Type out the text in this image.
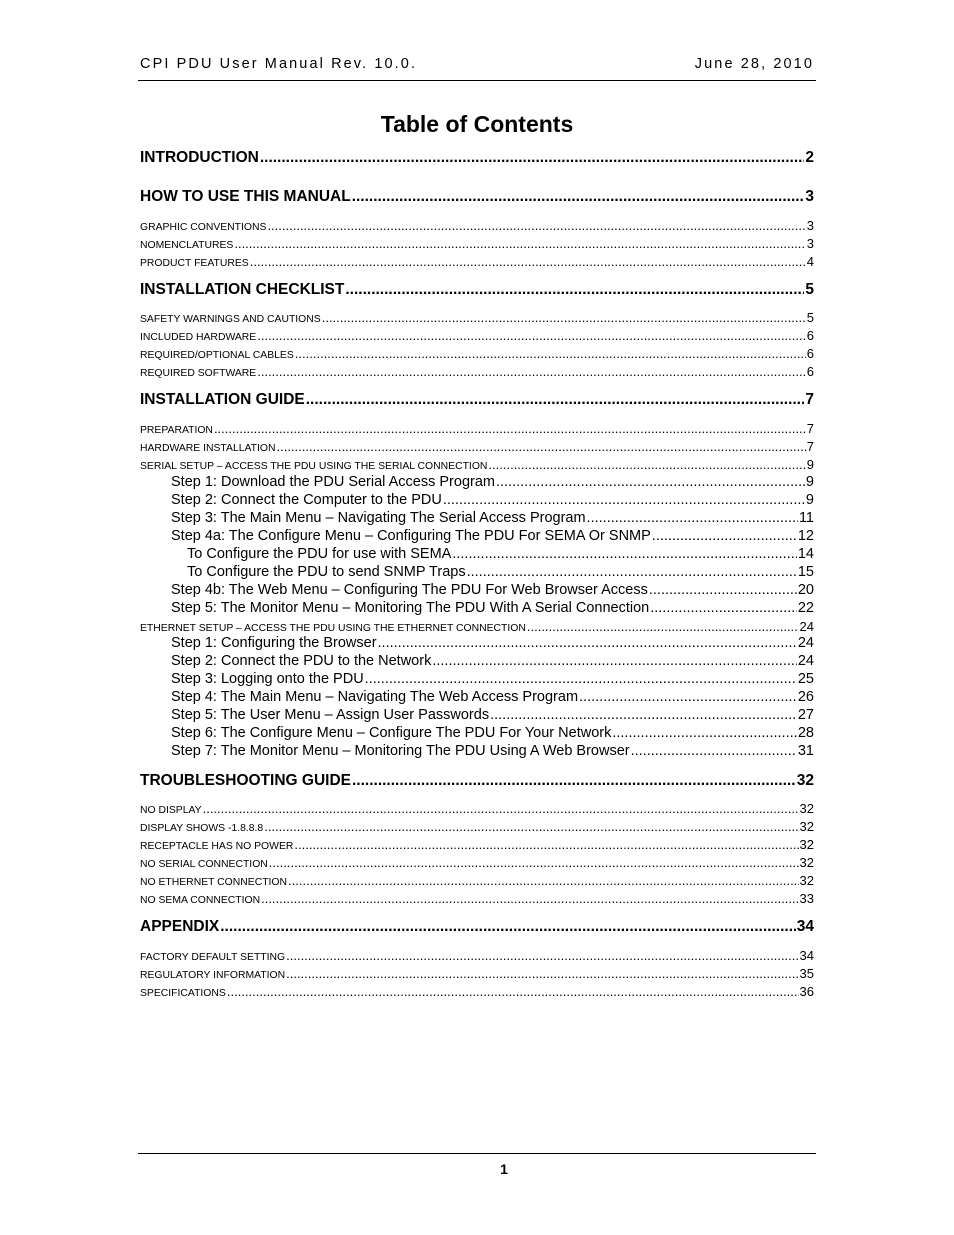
CPI PDU User Manual Rev. 10.0.	June 28, 2010
Table of Contents
INTRODUCTION .....	2
HOW TO USE THIS MANUAL .....	3
GRAPHIC CONVENTIONS .....	3
NOMENCLATURES .....	3
PRODUCT FEATURES .....	4
INSTALLATION CHECKLIST .....	5
SAFETY WARNINGS AND CAUTIONS .....	5
INCLUDED HARDWARE .....	6
REQUIRED/OPTIONAL CABLES .....	6
REQUIRED SOFTWARE .....	6
INSTALLATION GUIDE .....	7
PREPARATION .....	7
HARDWARE INSTALLATION .....	7
SERIAL SETUP – ACCESS THE PDU USING THE SERIAL CONNECTION .....	9
Step 1: Download the PDU Serial Access Program .....	9
Step 2: Connect the Computer to the PDU .....	9
Step 3: The Main Menu – Navigating The Serial Access Program .....	11
Step 4a: The Configure Menu – Configuring The PDU For SEMA Or SNMP .....	12
To Configure the PDU for use with SEMA .....	14
To Configure the PDU to send SNMP Traps .....	15
Step 4b: The Web Menu – Configuring The PDU For Web Browser Access .....	20
Step 5: The Monitor Menu – Monitoring The PDU With A Serial Connection .....	22
ETHERNET SETUP – ACCESS THE PDU USING THE ETHERNET CONNECTION .....	24
Step 1: Configuring the Browser .....	24
Step 2: Connect the PDU to the Network .....	24
Step 3: Logging onto the PDU .....	25
Step 4: The Main Menu – Navigating The Web Access Program .....	26
Step 5: The User Menu – Assign User Passwords .....	27
Step 6: The Configure Menu – Configure The PDU For Your Network .....	28
Step 7: The Monitor Menu – Monitoring The PDU Using A Web Browser .....	31
TROUBLESHOOTING GUIDE .....	32
NO DISPLAY .....	32
DISPLAY SHOWS -1.8.8.8 .....	32
RECEPTACLE HAS NO POWER .....	32
NO SERIAL CONNECTION .....	32
NO ETHERNET CONNECTION .....	32
NO SEMA CONNECTION .....	33
APPENDIX .....	34
FACTORY DEFAULT SETTING .....	34
REGULATORY INFORMATION .....	35
SPECIFICATIONS .....	36
1
